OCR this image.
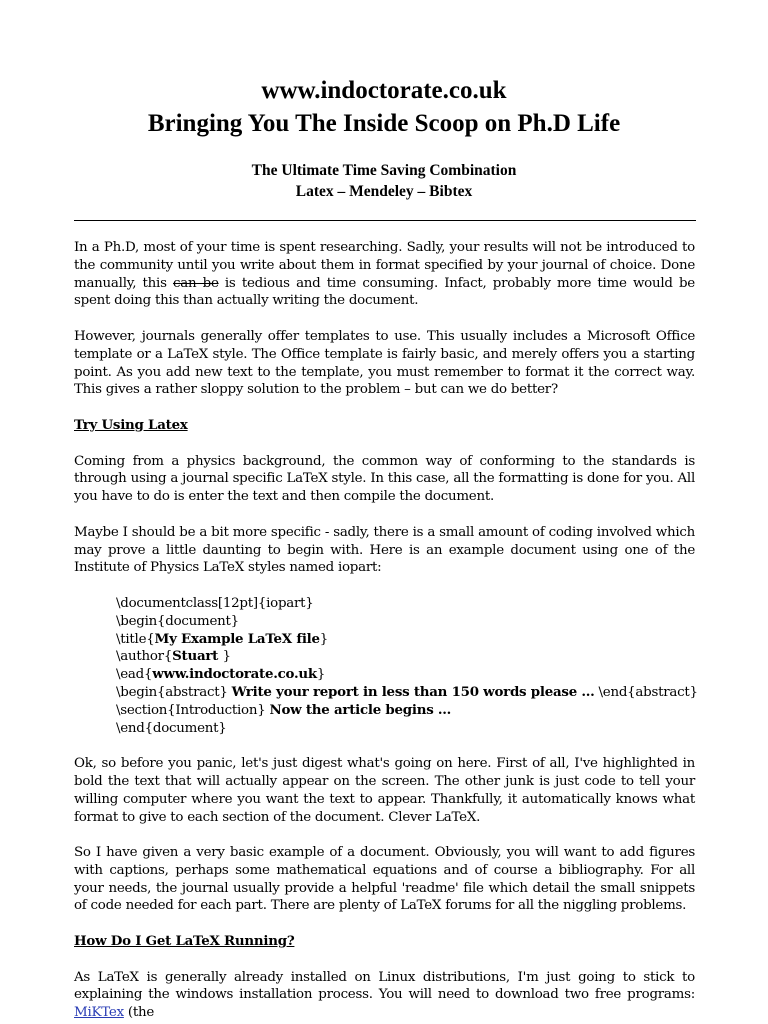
www.indoctorate.co.uk
Bringing You The Inside Scoop on Ph.D Life
The Ultimate Time Saving Combination
Latex – Mendeley – Bibtex

In a Ph.D, most of your time is spent researching. Sadly, your results will not be introduced to the community until you write about them in format specified by your journal of choice. Done manually, this can be is tedious and time consuming. Infact, probably more time would be spent doing this than actually writing the document.

However, journals generally offer templates to use. This usually includes a Microsoft Office template or a LaTeX style. The Office template is fairly basic, and merely offers you a starting point. As you add new text to the template, you must remember to format it the correct way. This gives a rather sloppy solution to the problem – but can we do better?

Try Using Latex

Coming from a physics background, the common way of conforming to the standards is through using a journal specific LaTeX style. In this case, all the formatting is done for you. All you have to do is enter the text and then compile the document.

Maybe I should be a bit more specific - sadly, there is a small amount of coding involved which may prove a little daunting to begin with. Here is an example document using one of the Institute of Physics LaTeX styles named iopart:

\documentclass[12pt]{iopart}
\begin{document}
\title{My Example LaTeX file}
\author{Stuart }
\ead{www.indoctorate.co.uk}
\begin{abstract} Write your report in less than 150 words please … \end{abstract}
\section{Introduction} Now the article begins …
\end{document}

Ok, so before you panic, let's just digest what's going on here. First of all, I've highlighted in bold the text that will actually appear on the screen. The other junk is just code to tell your willing computer where you want the text to appear. Thankfully, it automatically knows what format to give to each section of the document. Clever LaTeX.

So I have given a very basic example of a document. Obviously, you will want to add figures with captions, perhaps some mathematical equations and of course a bibliography. For all your needs, the journal usually provide a helpful 'readme' file which detail the small snippets of code needed for each part. There are plenty of LaTeX forums for all the niggling problems.

How Do I Get LaTeX Running?

As LaTeX is generally already installed on Linux distributions, I'm just going to stick to explaining the windows installation process. You will need to download two free programs: MiKTex (the
